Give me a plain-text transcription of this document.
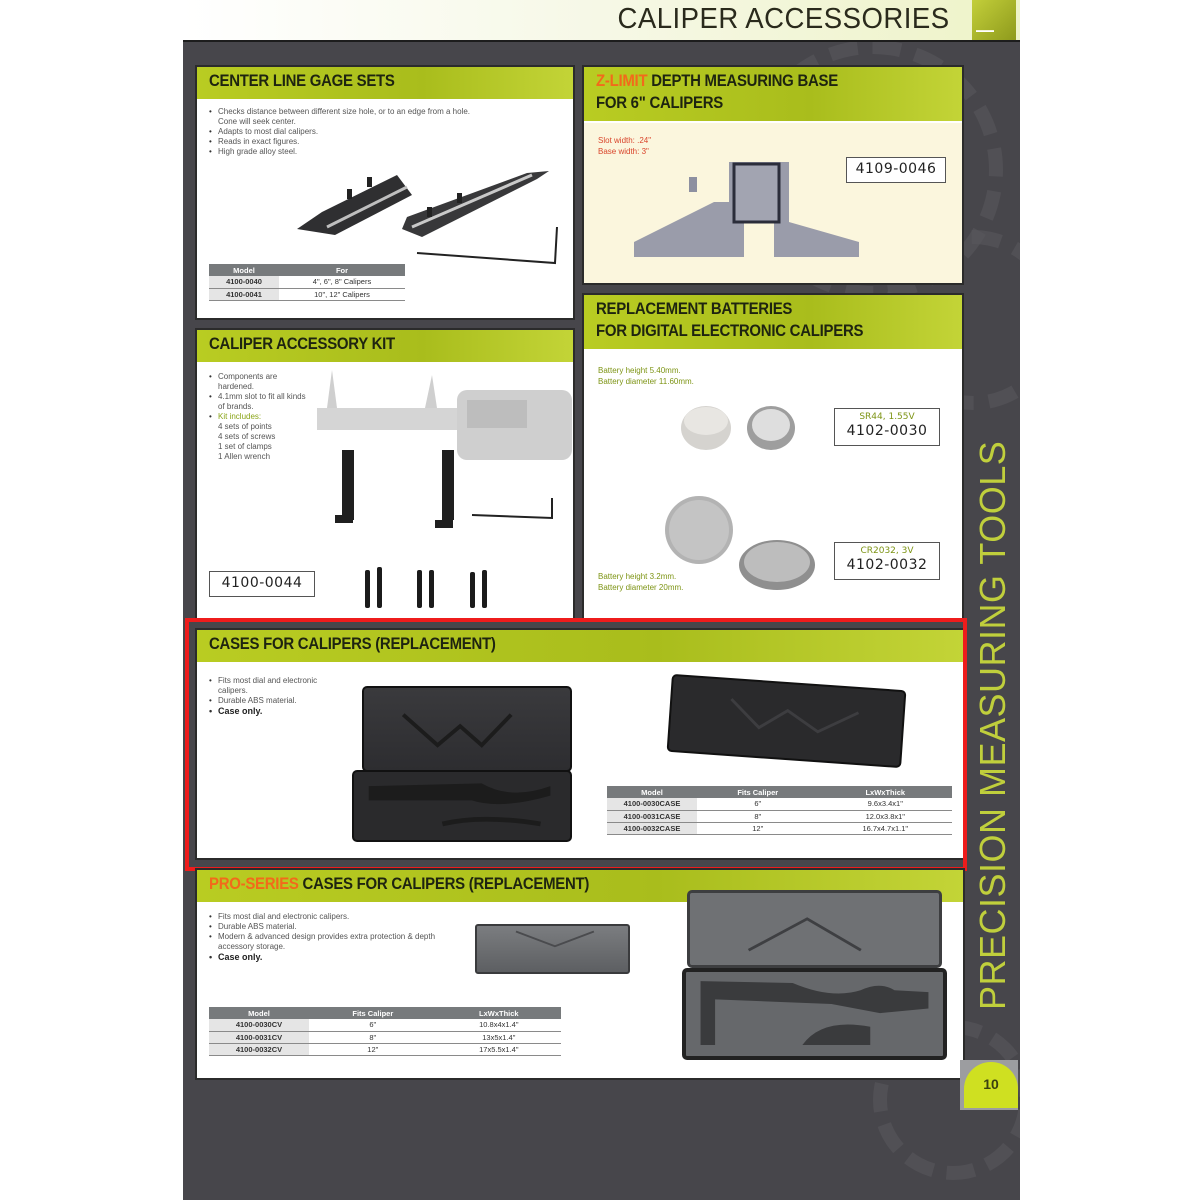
CALIPER ACCESSORIES	▬▬▬
CENTER LINE GAGE SETS
• Checks distance between different size hole, or to an edge from a hole.
Cone will seek center.
• Adapts to most dial calipers.
• Reads in exact figures.
• High grade alloy steel.
Model	For
4100-0040	4", 6", 8" Calipers
4100-0041	10", 12" Calipers
Z-LIMIT DEPTH MEASURING BASE
FOR 6" CALIPERS
Slot width: .24"
Base width: 3"
4109-0046
CALIPER ACCESSORY KIT
• Components are hardened.
• 4.1mm slot to fit all kinds of brands.
• Kit includes:
4 sets of points
4 sets of screws
1 set of clamps
1 Allen wrench
4100-0044
REPLACEMENT BATTERIES
FOR DIGITAL ELECTRONIC CALIPERS
Battery height 5.40mm.
Battery diameter 11.60mm.
SR44, 1.55V
4102-0030
Battery height 3.2mm.
Battery diameter 20mm.
CR2032, 3V
4102-0032
CASES FOR CALIPERS (REPLACEMENT)
• Fits most dial and electronic calipers.
• Durable ABS material.
• Case only.
Model	Fits Caliper	LxWxThick
4100-0030CASE	6"	9.6x3.4x1"
4100-0031CASE	8"	12.0x3.8x1"
4100-0032CASE	12"	16.7x4.7x1.1"
PRO-SERIES CASES FOR CALIPERS (REPLACEMENT)
• Fits most dial and electronic calipers.
• Durable ABS material.
• Modern & advanced design provides extra protection & depth accessory storage.
• Case only.
Model	Fits Caliper	LxWxThick
4100-0030CV	6"	10.8x4x1.4"
4100-0031CV	8"	13x5x1.4"
4100-0032CV	12"	17x5.5x1.4"
PRECISION MEASURING TOOLS
10
